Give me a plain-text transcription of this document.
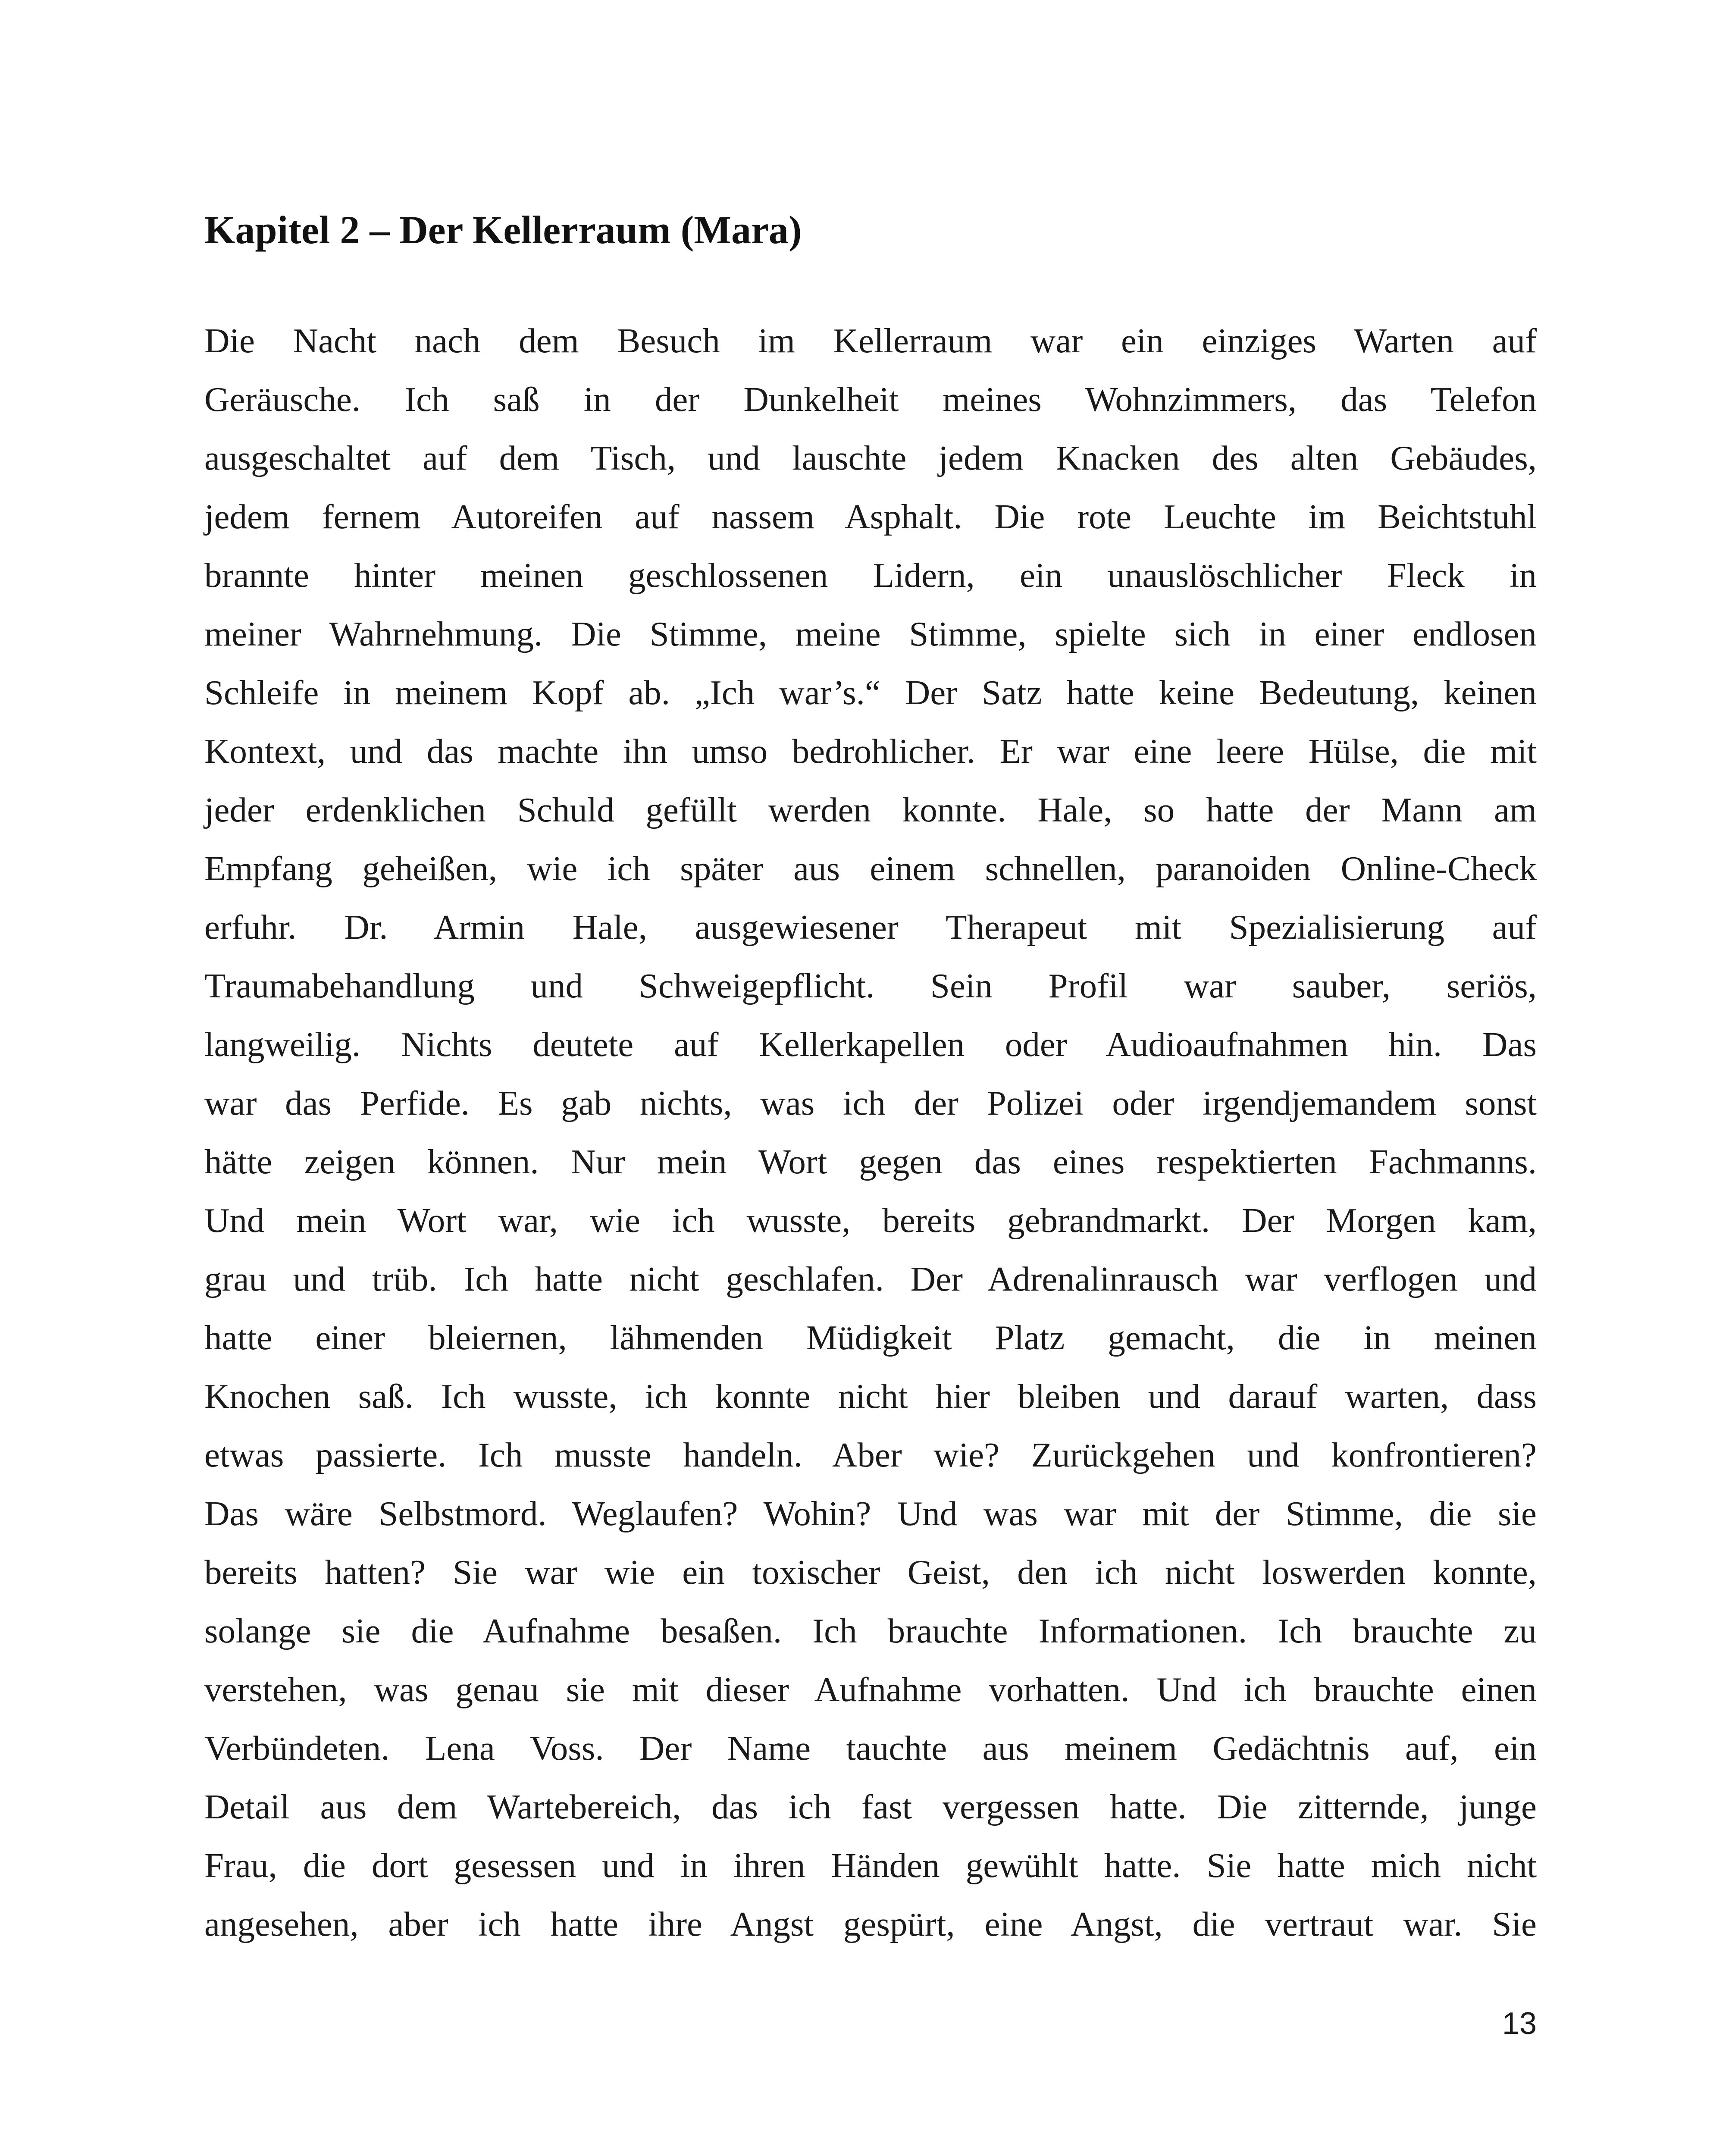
Kapitel 2 – Der Kellerraum (Mara)
Die Nacht nach dem Besuch im Kellerraum war ein einziges Warten auf
Geräusche. Ich saß in der Dunkelheit meines Wohnzimmers, das Telefon
ausgeschaltet auf dem Tisch, und lauschte jedem Knacken des alten Gebäudes,
jedem fernem Autoreifen auf nassem Asphalt. Die rote Leuchte im Beichtstuhl
brannte hinter meinen geschlossenen Lidern, ein unauslöschlicher Fleck in
meiner Wahrnehmung. Die Stimme, meine Stimme, spielte sich in einer endlosen
Schleife in meinem Kopf ab. „Ich war’s.“ Der Satz hatte keine Bedeutung, keinen
Kontext, und das machte ihn umso bedrohlicher. Er war eine leere Hülse, die mit
jeder erdenklichen Schuld gefüllt werden konnte. Hale, so hatte der Mann am
Empfang geheißen, wie ich später aus einem schnellen, paranoiden Online-Check
erfuhr. Dr. Armin Hale, ausgewiesener Therapeut mit Spezialisierung auf
Traumabehandlung und Schweigepflicht. Sein Profil war sauber, seriös,
langweilig. Nichts deutete auf Kellerkapellen oder Audioaufnahmen hin. Das
war das Perfide. Es gab nichts, was ich der Polizei oder irgendjemandem sonst
hätte zeigen können. Nur mein Wort gegen das eines respektierten Fachmanns.
Und mein Wort war, wie ich wusste, bereits gebrandmarkt. Der Morgen kam,
grau und trüb. Ich hatte nicht geschlafen. Der Adrenalinrausch war verflogen und
hatte einer bleiernen, lähmenden Müdigkeit Platz gemacht, die in meinen
Knochen saß. Ich wusste, ich konnte nicht hier bleiben und darauf warten, dass
etwas passierte. Ich musste handeln. Aber wie? Zurückgehen und konfrontieren?
Das wäre Selbstmord. Weglaufen? Wohin? Und was war mit der Stimme, die sie
bereits hatten? Sie war wie ein toxischer Geist, den ich nicht loswerden konnte,
solange sie die Aufnahme besaßen. Ich brauchte Informationen. Ich brauchte zu
verstehen, was genau sie mit dieser Aufnahme vorhatten. Und ich brauchte einen
Verbündeten. Lena Voss. Der Name tauchte aus meinem Gedächtnis auf, ein
Detail aus dem Wartebereich, das ich fast vergessen hatte. Die zitternde, junge
Frau, die dort gesessen und in ihren Händen gewühlt hatte. Sie hatte mich nicht
angesehen, aber ich hatte ihre Angst gespürt, eine Angst, die vertraut war. Sie
13
